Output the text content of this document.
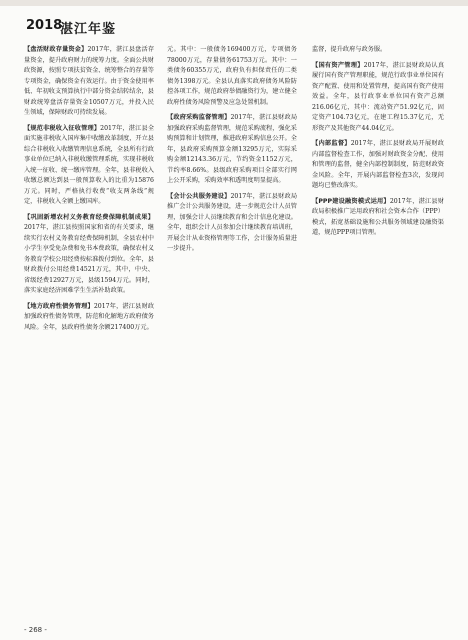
2018
湛江年鉴

【盘活财政存量资金】2017年，湛江县盘活存量资金，提升政府财力的统筹力度。全面公共财政资源，按照专项扶贫资金、统筹整合的存量等专项资金，确保资金有效运行。由于资金使用率低、年初收支预算执行中部分资金结转结余，县财政统筹盘活存量资金10507万元，并投入民生领域，保障财政可持续发展。

【规范非税收入征收管理】2017年，湛江县全面实施非税收入国库集中收缴改革制度，开立县综合非税收入收缴管理信息系统，全县所有行政事业单位已纳入非税收缴管理系统，实现非税收入统一征收、统一缴库管理。全年，县非税收入收缴总额达到县一般预算收入的比重为15876万元。同时，严格执行收费“收支两条线”规定，非税收入全额上缴国库。

【巩固新增农村义务教育经费保障机制成果】2017年，湛江县按照国家和省的有关要求，继续实行农村义务教育经费保障机制，全县农村中小学生享受免杂费和免书本费政策，确保农村义务教育学校公用经费按标准拨付到位。全年，县财政拨付公用经费14521万元，其中，中央、省级经费12927万元，县级1594万元。同时，落实家庭经济困难学生生活补助政策。

【地方政府性债务管理】2017年，湛江县财政加强政府性债务管理，防范和化解地方政府债务风险。全年，县政府性债务余额217400万元。

元。其中：一般债务169400万元，专项债务78000万元，存量债务61753万元。其中：一类债务60355万元，政府负有担保责任的二类债务1398万元。全县认真落实政府债务风险防控各项工作，规范政府举债融资行为，建立健全政府性债务风险预警及应急处置机制。

【政府采购监督管理】2017年，湛江县财政局加强政府采购监督管理，规范采购流程，强化采购预算和计划管理，推进政府采购信息公开。全年，县政府采购预算金额13295万元，实际采购金额12143.36万元，节约资金1152万元，节约率8.66%。县级政府采购项目全部实行网上公开采购，采购效率和透明度明显提高。

【会计公共服务建设】2017年，湛江县财政局推广会计公共服务建设，进一步规范会计人员管理，加强会计人员继续教育和会计信息化建设。全年，组织会计人员参加会计继续教育培训班，开展会计从业资格管理等工作，会计服务质量进一步提升。

监督，提升政府与政务服。

【国有资产管理】2017年，湛江县财政局认真履行国有资产管理职能，规范行政事业单位国有资产配置、使用和处置管理，提高国有资产使用效益。全年，县行政事业单位国有资产总额216.06亿元，其中：流动资产51.92亿元，固定资产104.73亿元，在建工程15.37亿元，无形资产及其他资产44.04亿元。

【内部监督】2017年，湛江县财政局开展财政内部监督检查工作，加强对财政资金分配、使用和管理的监督，健全内部控制制度，防范财政资金风险。全年，开展内部监督检查3次，发现问题均已整改落实。

【PPP建设融资模式运用】2017年，湛江县财政局积极推广运用政府和社会资本合作（PPP）模式，拓宽基础设施和公共服务领域建设融资渠道，规范PPP项目管理。

- 268 -
